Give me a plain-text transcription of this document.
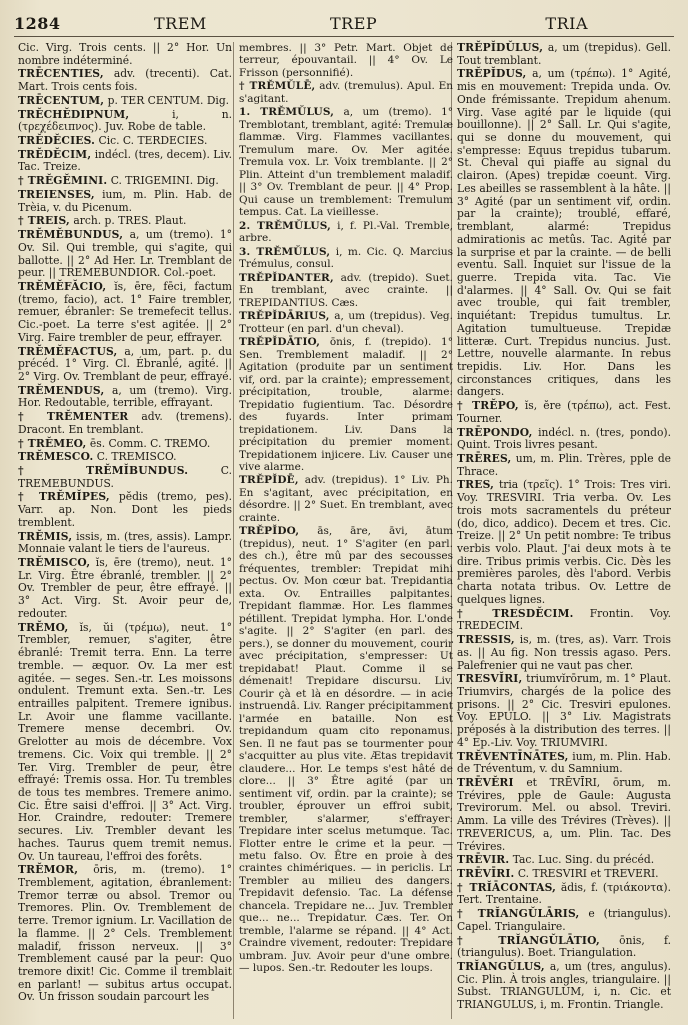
1284	TREM	TREP	TRIA

Cic. Virg. Trois cents. || 2° Hor. Un nombre indéterminé.

TRĒCENTIES, adv. (trecenti). Cat. Mart. Trois cents fois.

TRĒCENTUM, p. TER CENTUM. Dig.

TRĔCHĔDIPNUM,	i, n. (τρεχέδειπνος). Juv. Robe de table.

TRĔDĔCIES. Cic. C. TERDECIES.

TRĔDĔCIM, indécl. (tres, decem). Liv. Tac. Treize.

† TRĔGĔMINI. C. TRIGEMINI. Dig.

TREIENSES, ium, m. Plin. Hab. de Trèia, v. du Picenum.

† TREIS, arch. p. TRES. Plaut.

TRĔMĔBUNDUS, a, um (tremo). 1° Ov. Sil. Qui tremble, qui s'agite, qui ballotte. || 2° Ad Her. Lr. Tremblant de peur. || TREMEBUNDIOR. Col.-poet.

TRĔMĔFĂCIO, ĭs, ēre, fēci, factum (tremo, facio), act. 1° Faire trembler, remuer, ébranler: Se tremefecit tellus. Cic.-poet. La terre s'est agitée. || 2° Virg. Faire trembler de peur, effrayer.

TRĔMĔFACTUS, a, um, part. p. du précéd. 1° Virg. Cl. Ébranlé, agité. || 2° Virg. Ov. Tremblant de peur, effrayé.

TRĔMENDUS, a, um (tremo). Virg. Hor. Redoutable, terrible, effrayant.

† TRĔMENTER adv. (tremens). Dracont. En tremblant.

† TRĔMEO, ēs. Comm. C. TREMO.

TRĔMESCO. C. TREMISCO.

† TRĔMĬBUNDUS.	C. TREMEBUNDUS.

† TRĔMĬPES, pĕdis (tremo, pes). Varr. ap. Non. Dont les pieds tremblent.

TRĔMIS, issis, m. (tres, assis). Lampr. Monnaie valant le tiers de l'aureus.

TRĔMISCO, ĭs, ēre (tremo), neut. 1° Lr. Virg. Être ébranlé, trembler. || 2° Ov. Trembler de peur, être effrayé. || 3° Act. Virg. St. Avoir peur de, redouter.

TRĔMO, ĭs, ŭi (τρέμω), neut. 1° Trembler, remuer, s'agiter, être ébranlé: Tremit terra. Enn. La terre tremble. — æquor. Ov. La mer est agitée. — seges. Sen.-tr. Les moissons ondulent. Tremunt exta. Sen.-tr. Les entrailles palpitent. Tremere ignibus. Lr. Avoir une flamme vacillante. Tremere mense decembri. Ov. Grelotter au mois de décembre. Vox tremens. Cic. Voix qui tremble. || 2° Ter. Virg. Trembler de peur, être effrayé: Tremis ossa. Hor. Tu trembles de tous tes membres. Tremere animo. Cic. Être saisi d'effroi. || 3° Act. Virg. Hor. Craindre, redouter: Tremere secures. Liv. Trembler devant les haches. Taurus quem tremit nemus. Ov. Un taureau, l'effroi des forêts.

TRĔMOR, ōris, m. (tremo). 1° Tremblement, agitation, ébranlement: Tremor terræ ou absol. Tremor ou Tremores. Plin. Ov. Tremblement de terre. Tremor ignium. Lr. Vacillation de la flamme. || 2° Cels. Tremblement maladif, frisson nerveux. || 3° Tremblement causé par la peur: Quo tremore dixit! Cic. Comme il tremblait en parlant! — subitus artus occupat. Ov. Un frisson soudain parcourt les

membres. || 3° Petr. Mart. Objet de terreur, épouvantail. || 4° Ov. Le Frisson (personnifié).

† TRĔMŬLĒ, adv. (tremulus). Apul. En s'agitant.

1. TRĔMŬLUS, a, um (tremo). 1° Tremblotant, tremblant, agité: Tremulæ flammæ. Virg. Flammes vacillantes. Tremulum mare. Ov. Mer agitée. Tremula vox. Lr. Voix tremblante. || 2° Plin. Atteint d'un tremblement maladif. || 3° Ov. Tremblant de peur. || 4° Prop. Qui cause un tremblement: Tremulum tempus. Cat. La vieillesse.

2. TRĔMŬLUS, i, f. Pl.-Val. Tremble, arbre.

3. TRĔMŬLUS, i, m. Cic. Q. Marcius Trémulus, consul.

TRĔPĬDANTER, adv. (trepido). Suet. En tremblant, avec crainte. || TREPIDANTIUS. Cæs.

TRĔPĬDĀRIUS, a, um (trepidus). Veg. Trotteur (en parl. d'un cheval).

TRĔPĬDĀTIO, ōnis, f. (trepido). 1° Sen. Tremblement maladif. || 2° Agitation (produite par un sentiment vif, ord. par la crainte); empressement, précipitation, trouble, alarme: Trepidatio fugientium. Tac. Désordre des fuyards. Inter primam trepidationem. Liv. Dans la précipitation du premier moment. Trepidationem injicere. Liv. Causer une vive alarme.

TRĔPĬDĒ, adv. (trepidus). 1° Liv. Ph. En s'agitant, avec précipitation, en désordre. || 2° Suet. En tremblant, avec crainte.

TRĔPĬDO, ās, āre, āvi, ātum (trepidus), neut. 1° S'agiter (en parl. des ch.), être mû par des secousses fréquentes, trembler: Trepidat mihi pectus. Ov. Mon cœur bat. Trepidantia exta. Ov. Entrailles palpitantes. Trepidant flammæ. Hor. Les flammes pétillent. Trepidat lympha. Hor. L'onde s'agite. || 2° S'agiter (en parl. des pers.), se donner du mouvement, courir avec précipitation, s'empresser: Ut trepidabat! Plaut. Comme il se démenait! Trepidare discursu. Liv. Courir çà et là en désordre. — in acie instruendâ. Liv. Ranger précipitamment l'armée en bataille. Non est trepidandum quam cito reponamus. Sen. Il ne faut pas se tourmenter pour s'acquitter au plus vite. Ætas trepidavit claudere... Hor. Le temps s'est hâté de clore... || 3° Être agité (par un sentiment vif, ordin. par la crainte); se troubler, éprouver un effroi subit, trembler, s'alarmer, s'effrayer: Trepidare inter scelus metumque. Tac. Flotter entre le crime et la peur. — metu falso. Ov. Être en proie à des craintes chimériques. — in periclis. Lr. Trembler au milieu des dangers. Trepidavit defensio. Tac. La défense chancela. Trepidare ne... Juv. Trembler que... ne... Trepidatur. Cæs. Ter. On tremble, l'alarme se répand. || 4° Act. Craindre vivement, redouter: Trepidare umbram. Juv. Avoir peur d'une ombre. — lupos. Sen.-tr. Redouter les loups.

TRĔPĬDŬLUS, a, um (trepidus). Gell. Tout tremblant.

TRĔPĬDUS, a, um (τρέπω). 1° Agité, mis en mouvement: Trepida unda. Ov. Onde frémissante. Trepidum ahenum. Virg. Vase agité par le liquide (qui bouillonne). || 2° Sall. Lr. Qui s'agite, qui se donne du mouvement, qui s'empresse: Equus trepidus tubarum. St. Cheval qui piaffe au signal du clairon. (Apes) trepidæ coeunt. Virg. Les abeilles se rassemblent à la hâte. || 3° Agité (par un sentiment vif, ordin. par la crainte); troublé, effaré, tremblant, alarmé: Trepidus admirationis ac metûs. Tac. Agité par la surprise et par la crainte. — de belli eventu. Sall. Inquiet sur l'issue de la guerre. Trepida vita. Tac. Vie d'alarmes. || 4° Sall. Ov. Qui se fait avec trouble, qui fait trembler, inquiétant: Trepidus tumultus. Lr. Agitation tumultueuse. Trepidæ litteræ. Curt. Trepidus nuncius. Just. Lettre, nouvelle alarmante. In rebus trepidis. Liv. Hor. Dans les circonstances critiques, dans les dangers.

† TRĔPO, ĭs, ĕre (τρέπω), act. Fest. Tourner.

TRĒPONDO, indécl. n. (tres, pondo). Quint. Trois livres pesant.

TRĒRES, um, m. Plin. Trères, pple de Thrace.

TRES, tria (τρεῖς). 1° Trois: Tres viri. Voy. TRESVIRI. Tria verba. Ov. Les trois mots sacramentels du préteur (do, dico, addico). Decem et tres. Cic. Treize. || 2° Un petit nombre: Te tribus verbis volo. Plaut. J'ai deux mots à te dire. Tribus primis verbis. Cic. Dès les premières paroles, dès l'abord. Verbis charta notata tribus. Ov. Lettre de quelques lignes.

† TRESDĔCIM. Frontin. Voy. TREDECIM.

TRESSIS, is, m. (tres, as). Varr. Trois as. || Au fig. Non tressis agaso. Pers. Palefrenier qui ne vaut pas cher.

TRESVĬRI, triumvĭrōrum, m. 1° Plaut. Triumvirs, chargés de la police des prisons. || 2° Cic. Tresviri epulones. Voy. EPULO. || 3° Liv. Magistrats préposés à la distribution des terres. || 4° Ep.-Liv. Voy. TRIUMVIRI.

TRĔVENTĪNĀTES, ium, m. Plin. Hab. de Tréventum, v. du Samnium.

TRĒVĔRI et TRĒVĪRI, ōrum, m. Trévires, pple de Gaule: Augusta Trevirorum. Mel. ou absol. Treviri. Amm. La ville des Trévires (Trèves). || TREVERICUS, a, um. Plin. Tac. Des Trévires.

TRĒVIR. Tac. Luc. Sing. du précéd.

TRĒVĪRI. C. TRESVIRI et TREVERI.

† TRĬĀCONTAS, ădis, f. (τριάκοντα). Tert. Trentaine.

† TRĬANGŬLĀRIS, e (triangulus). Capel. Triangulaire.

† TRĬANGŬLĀTIO, ōnis, f. (triangulus). Boet. Triangulation.

TRĬANGŬLUS, a, um (tres, angulus). Cic. Plin. À trois angles, triangulaire. || Subst. TRIANGULUM, i, n. Cic. et TRIANGULUS, i, m. Frontin. Triangle.
